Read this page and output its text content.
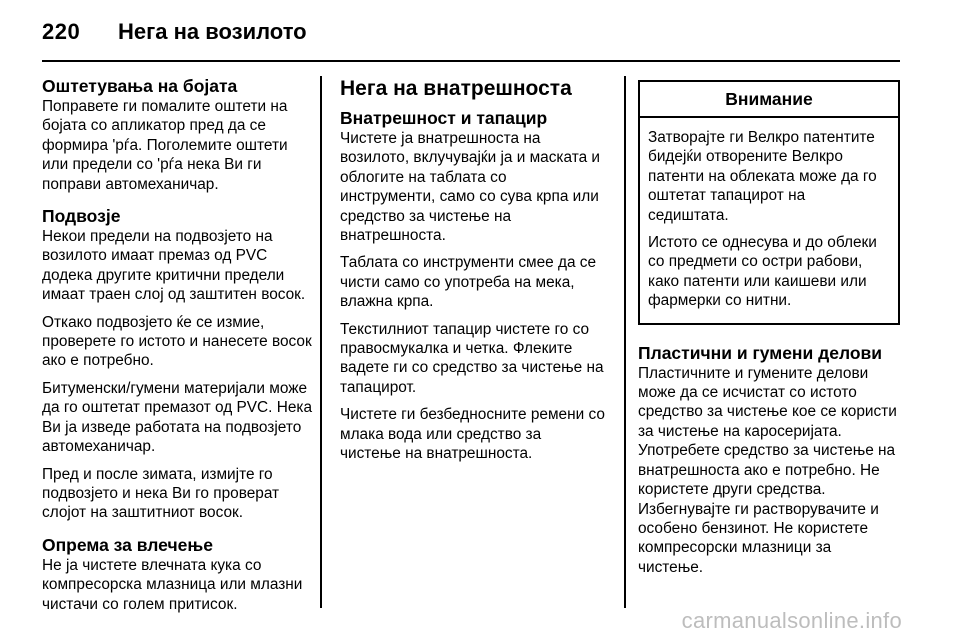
220	Нега на возилото
Оштетувања на бојата

Поправете ги помалите оштети на бојата со апликатор пред да се формира 'рѓа. Поголемите оштети или предели со 'рѓа нека Ви ги поправи автомеханичар.

Подвозје

Некои предели на подвозјето на возилото имаат премаз од PVC додека другите критични предели имаат траен слој од заштитен восок.

Откако подвозјето ќе се измие, проверете го истото и нанесете восок ако е потребно.

Битуменски/гумени материјали може да го оштетат премазот од PVC. Нека Ви ја изведе работата на подвозјето автомеханичар.

Пред и после зимата, измијте го подвозјето и нека Ви го проверат слојот на заштитниот восок.

Опрема за влечење

Не ја чистете влечната кука со компресорска млазница или млазни чистачи со голем притисок.

Нега на внатрешноста
Внатрешност и тапацир

Чистете ја внатрешноста на возилото, вклучувајќи ја и маската и облогите на таблата со инструменти, само со сува крпа или средство за чистење на внатрешноста.

Таблата со инструменти смее да се чисти само со употреба на мека, влажна крпа.

Текстилниот тапацир чистете го со правосмукалка и четка. Флеките вадете ги со средство за чистење на тапацирот.

Чистете ги безбедносните ремени со млака вода или средство за чистење на внатрешноста.

Внимание

Затворајте ги Велкро патентите бидејќи отворените Велкро патенти на облеката може да го оштетат тапацирот на седиштата.

Истото се однесува и до облеки со предмети со остри рабови, како патенти или каишеви или фармерки со нитни.

Пластични и гумени делови

Пластичните и гумените делови може да се исчистат со истото средство за чистење кое се користи за чистење на каросеријата. Употребете средство за чистење на внатрешноста ако е потребно. Не користете други средства. Избегнувајте ги растворувачите и особено бензинот. Не користете компресорски млазници за чистење.

carmanualsonline.info
